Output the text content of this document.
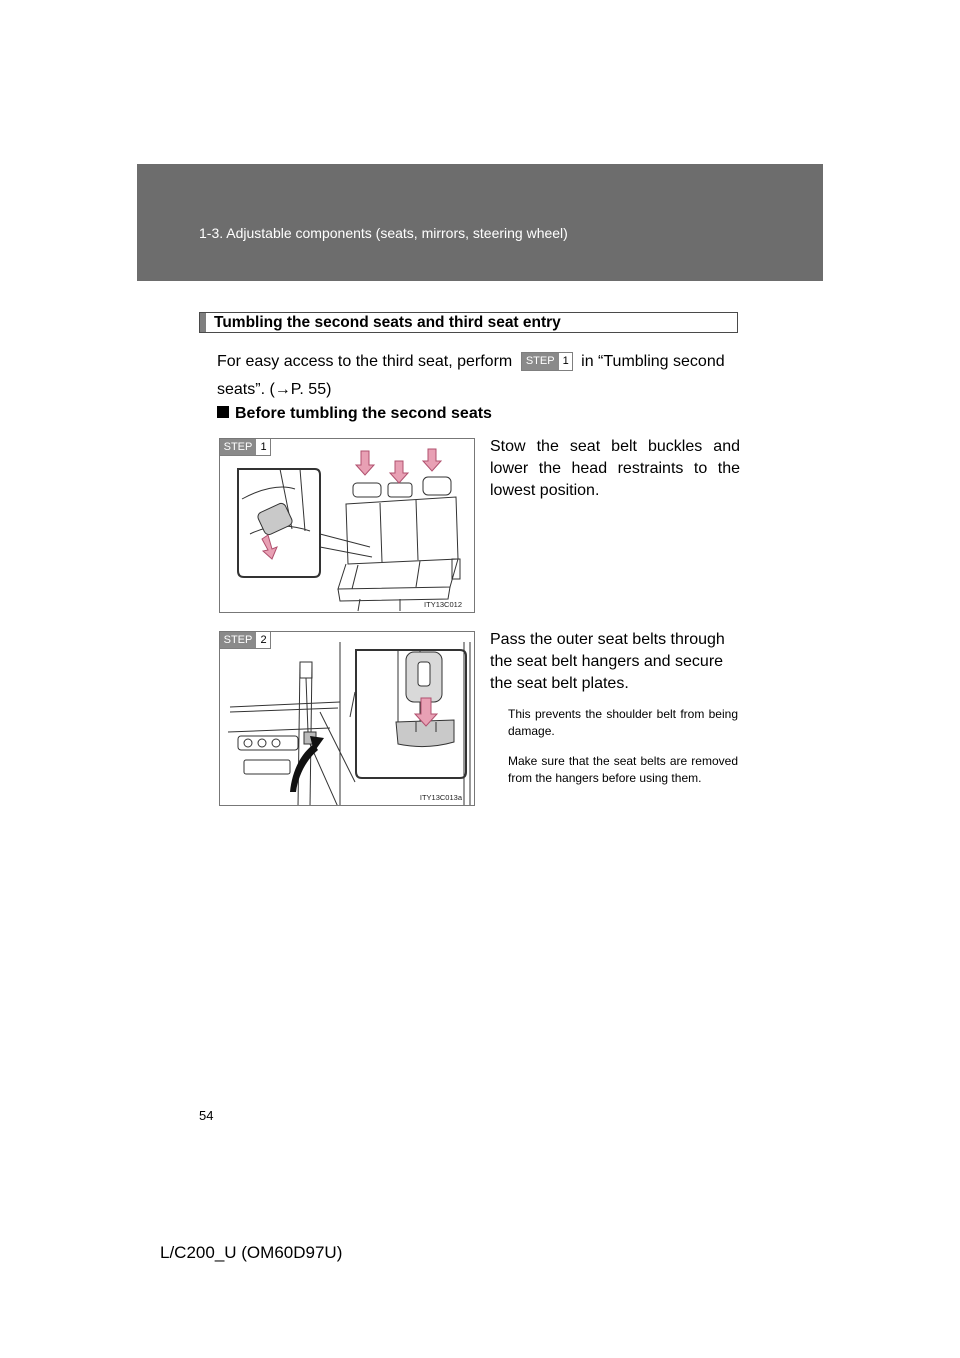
1-3. Adjustable components (seats, mirrors, steering wheel)
Tumbling the second seats and third seat entry
For easy access to the third seat, perform	STEP 1 in “Tumbling second seats”. (→P. 55)
Before tumbling the second seats
STEP 1
ITY13C012
Stow the seat belt buckles and lower the head restraints to the lowest position.
STEP 2
ITY13C013a
Pass the outer seat belts through the seat belt hangers and secure the seat belt plates.
This prevents the shoulder belt from being damage.
Make sure that the seat belts are removed from the hangers before using them.
54
L/C200_U (OM60D97U)
